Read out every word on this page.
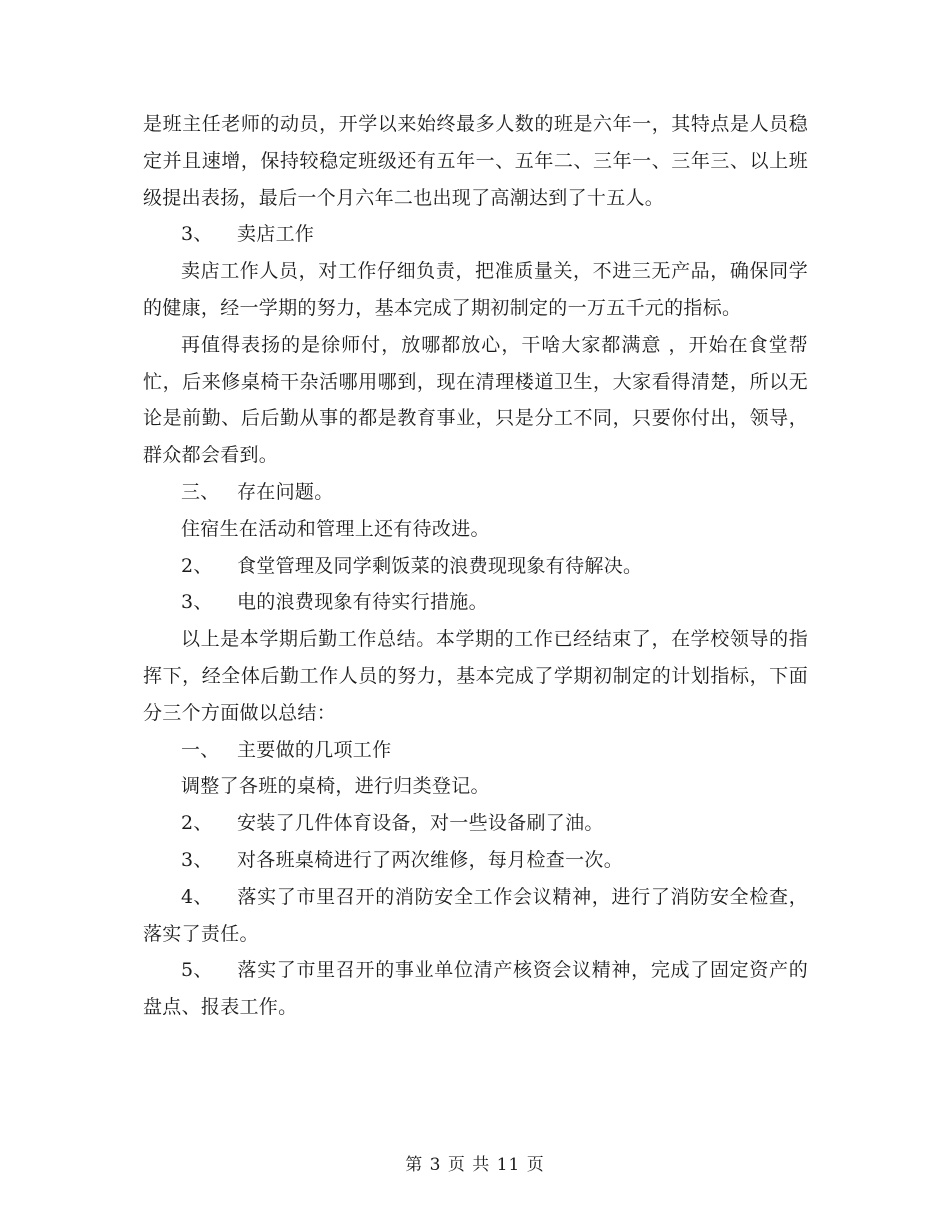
是班主任老师的动员，开学以来始终最多人数的班是六年一，其特点是人员稳定并且速增，保持较稳定班级还有五年一、五年二、三年一、三年三、以上班级提出表扬，最后一个月六年二也出现了高潮达到了十五人。

3、 卖店工作

卖店工作人员，对工作仔细负责，把准质量关，不进三无产品，确保同学的健康，经一学期的努力，基本完成了期初制定的一万五千元的指标。

再值得表扬的是徐师付，放哪都放心，干啥大家都满意 ，开始在食堂帮忙，后来修桌椅干杂活哪用哪到，现在清理楼道卫生，大家看得清楚，所以无论是前勤、后后勤从事的都是教育事业，只是分工不同，只要你付出，领导，群众都会看到。

三、 存在问题。

住宿生在活动和管理上还有待改进。

2、 食堂管理及同学剩饭菜的浪费现现象有待解决。

3、 电的浪费现象有待实行措施。

以上是本学期后勤工作总结。本学期的工作已经结束了，在学校领导的指挥下，经全体后勤工作人员的努力，基本完成了学期初制定的计划指标，下面分三个方面做以总结：

一、 主要做的几项工作

调整了各班的桌椅，进行归类登记。

2、 安装了几件体育设备，对一些设备刷了油。

3、 对各班桌椅进行了两次维修，每月检查一次。

4、 落实了市里召开的消防安全工作会议精神，进行了消防安全检查，落实了责任。

5、 落实了市里召开的事业单位清产核资会议精神，完成了固定资产的盘点、报表工作。

第 3 页 共 11 页
